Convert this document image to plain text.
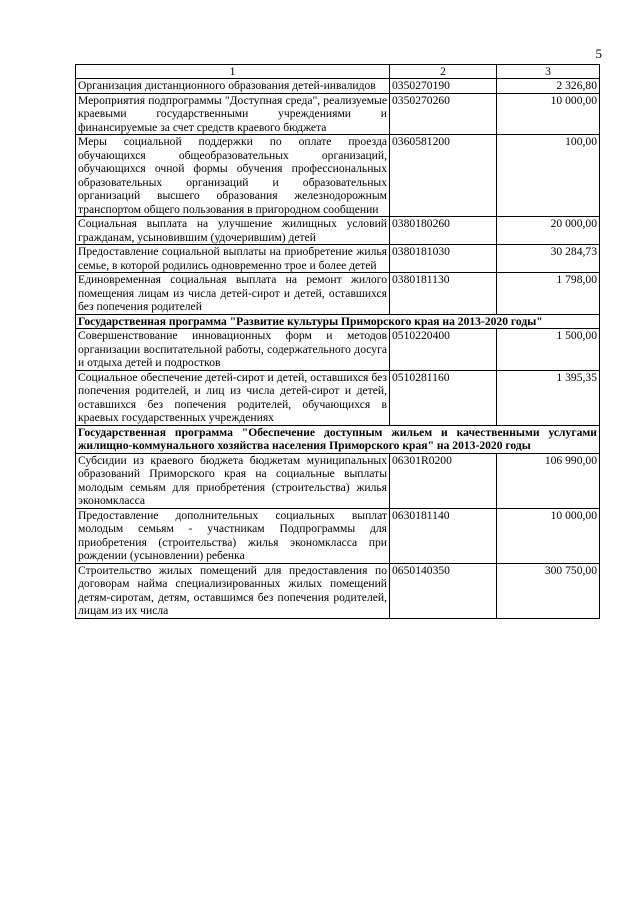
5
1	2	3
Организация дистанционного образования детей-инвалидов	0350270190	2 326,80
Мероприятия подпрограммы "Доступная среда", реализуемые краевыми государственными учреждениями и финансируемые за счет средств краевого бюджета	0350270260	10 000,00
Меры социальной поддержки по оплате проезда обучающихся общеобразовательных организаций, обучающихся очной формы обучения профессиональных образовательных организаций и образовательных организаций высшего образования железнодорожным транспортом общего пользования в пригородном сообщении	0360581200	100,00
Социальная выплата на улучшение жилищных условий гражданам, усыновившим (удочерившим) детей	0380180260	20 000,00
Предоставление социальной выплаты на приобретение жилья семье, в которой родились одновременно трое и более детей	0380181030	30 284,73
Единовременная социальная выплата на ремонт жилого помещения лицам из числа детей-сирот и детей, оставшихся без попечения родителей	0380181130	1 798,00
Государственная программа "Развитие культуры Приморского края на 2013-2020 годы"		
Совершенствование инновационных форм и методов организации воспитательной работы, содержательного досуга и отдыха детей и подростков	0510220400	1 500,00
Социальное обеспечение детей-сирот и детей, оставшихся без попечения родителей, и лиц из числа детей-сирот и детей, оставшихся без попечения родителей, обучающихся в краевых государственных учреждениях	0510281160	1 395,35
Государственная программа "Обеспечение доступным жильем и качественными услугами жилищно-коммунального хозяйства населения Приморского края" на 2013-2020 годы		
Субсидии из краевого бюджета бюджетам муниципальных образований Приморского края на социальные выплаты молодым семьям для приобретения (строительства) жилья экономкласса	06301R0200	106 990,00
Предоставление дополнительных социальных выплат молодым семьям - участникам Подпрограммы для приобретения (строительства) жилья экономкласса при рождении (усыновлении) ребенка	0630181140	10 000,00
Строительство жилых помещений для предоставления по договорам найма специализированных жилых помещений детям-сиротам, детям, оставшимся без попечения родителей, лицам из их числа	0650140350	300 750,00
